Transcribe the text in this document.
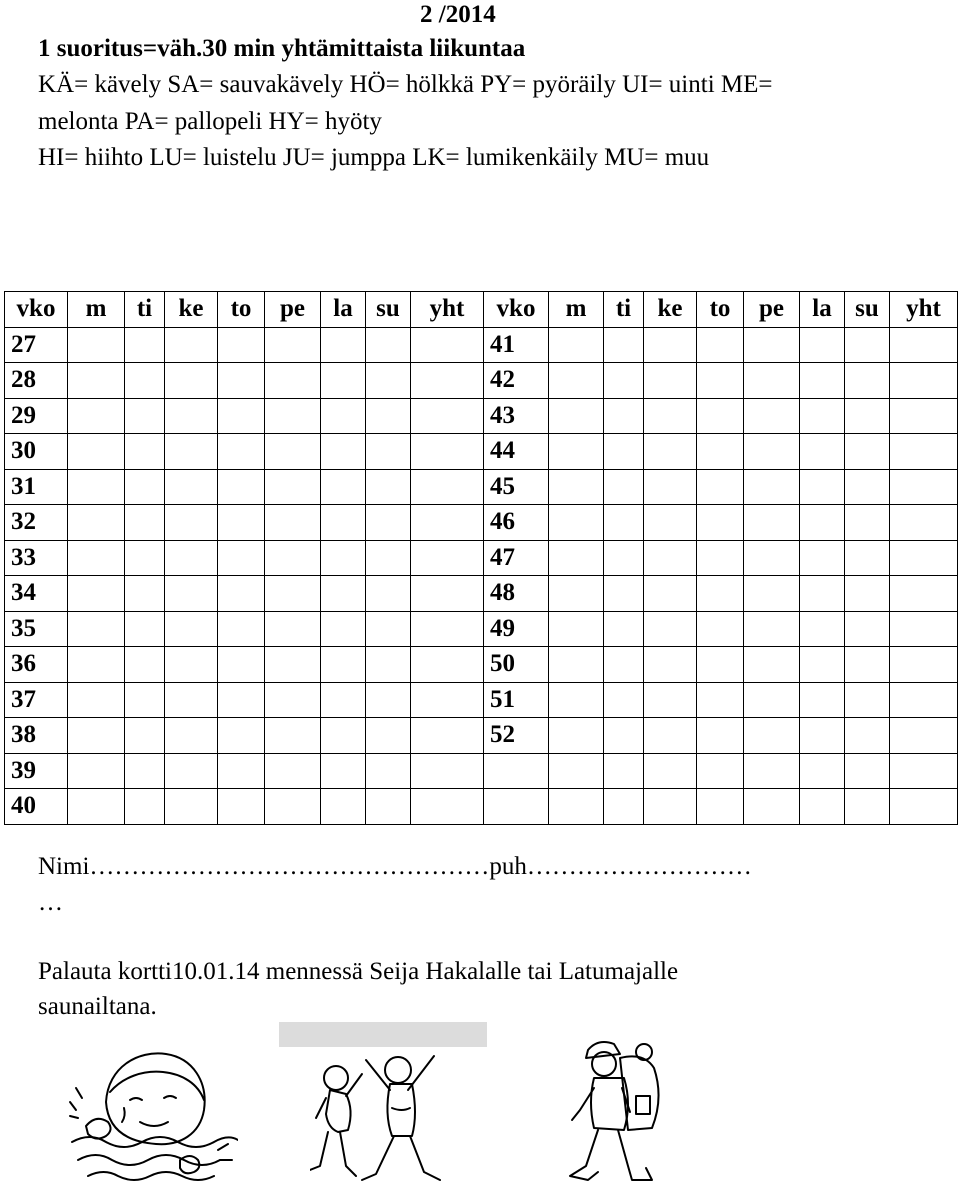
2 /2014
1 suoritus=väh.30 min yhtämittaista liikuntaa
KÄ= kävely SA= sauvakävely HÖ= hölkkä PY= pyöräily UI= uinti ME=
melonta PA= pallopeli HY= hyöty
HI= hiihto LU= luistelu JU= jumppa LK= lumikenkäily MU= muu
vko	m	ti	ke	to	pe	la	su	yht	vko	m	ti	ke	to	pe	la	su	yht
27									41								
28									42								
29									43								
30									44								
31									45								
32									46								
33									47								
34									48								
35									49								
36									50								
37									51								
38									52								
39																	
40																	
Nimi…………………………………………puh………………………
…
Palauta kortti10.01.14 mennessä Seija Hakalalle tai Latumajalle
saunailtana.
